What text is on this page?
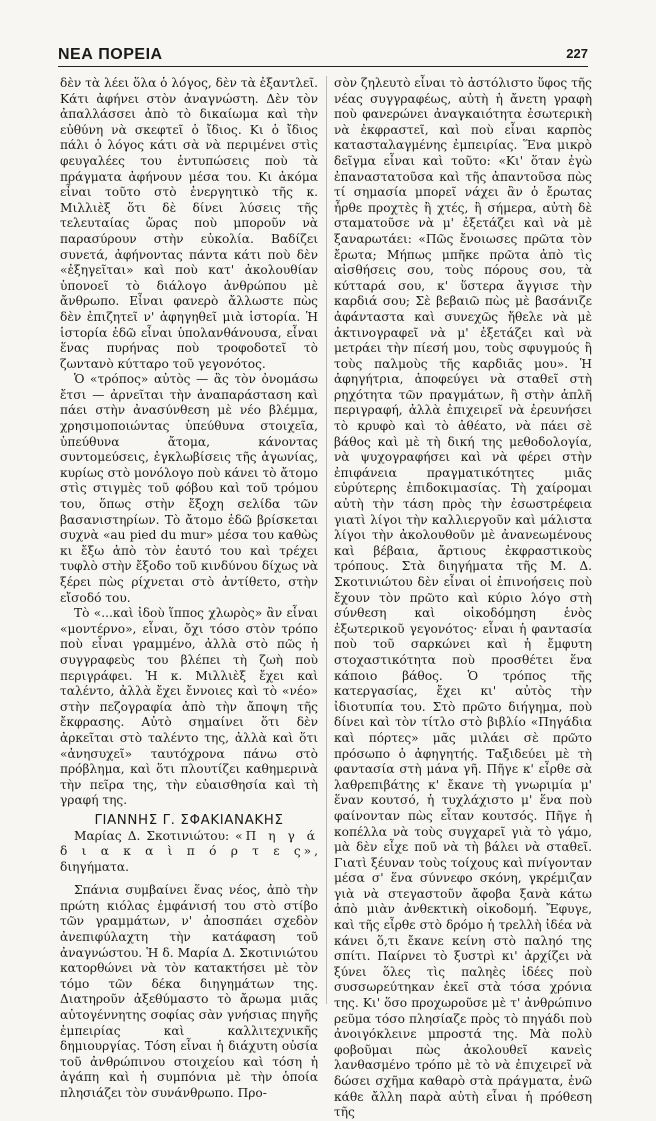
ΝΕΑ ΠΟΡΕΙΑ	227

δὲν τὰ λέει ὅλα ὁ λόγος, δὲν τὰ ἐξαντλεῖ. Κάτι ἀφήνει στὸν ἀναγνώστη. Δὲν τὸν ἀπαλλάσσει ἀπὸ τὸ δικαίωμα καὶ τὴν εὐθύνη νὰ σκεφτεῖ ὁ ἴδιος. Κι ὁ ἴδιος πάλι ὁ λόγος κάτι σὰ νὰ περιμένει στὶς φευγαλέες του ἐντυπώσεις ποὺ τὰ πράγματα ἀφήνουν μέσα του. Κι ἀκόμα εἶναι τοῦτο στὸ ἐνεργητικὸ τῆς κ. Μιλλιὲξ ὅτι δὲ δίνει λύσεις τῆς τελευταίας ὥρας ποὺ μποροῦν νὰ παρασύρουν στὴν εὐκολία. Βαδίζει συνετά, ἀφήνοντας πάντα κάτι ποὺ δὲν «ἐξηγεῖται» καὶ ποὺ κατ' ἀκολουθίαν ὑπονοεῖ τὸ διάλογο ἀνθρώπου μὲ ἄνθρωπο. Εἶναι φανερὸ ἄλλωστε πὼς δὲν ἐπιζητεῖ ν' ἀφηγηθεῖ μιὰ ἱστορία. Ἡ ἱστορία ἐδῶ εἶναι ὑπολανθάνουσα, εἶναι ἕνας πυρήνας ποὺ τροφοδοτεῖ τὸ ζωντανὸ κύτταρο τοῦ γεγονότος.

Ὁ «τρόπος» αὐτὸς — ἂς τὸν ὀνομάσω ἔτσι — ἀρνεῖται τὴν ἀναπαράσταση καὶ πάει στὴν ἀνασύνθεση μὲ νέο βλέμμα, χρησιμοποιώντας ὑπεύθυνα στοιχεῖα, ὑπεύθυνα ἄτομα, κάνοντας συντομεύσεις, ἐγκλωβίσεις τῆς ἀγωνίας, κυρίως στὸ μονόλογο ποὺ κάνει τὸ ἄτομο στὶς στιγμὲς τοῦ φόβου καὶ τοῦ τρόμου του, ὅπως στὴν ἔξοχη σελίδα τῶν βασανιστηρίων. Τὸ ἄτομο ἐδῶ βρίσκεται συχνὰ «au pied du mur» μέσα του καθὼς κι ἔξω ἀπὸ τὸν ἑαυτό του καὶ τρέχει τυφλὸ στὴν ἔξοδο τοῦ κινδύνου δίχως νὰ ξέρει πὼς ρίχνεται στὸ ἀντίθετο, στὴν εἴσοδό του.

Τὸ «...καὶ ἰδοὺ ἵππος χλωρὸς» ἂν εἶναι «μοντέρνο», εἶναι, ὄχι τόσο στὸν τρόπο ποὺ εἶναι γραμμένο, ἀλλὰ στὸ πῶς ἡ συγγραφεὺς του βλέπει τὴ ζωὴ ποὺ περιγράφει. Ἡ κ. Μιλλιὲξ ἔχει καὶ ταλέντο, ἀλλὰ ἔχει ἔννοιες καὶ τὸ «νέο» στὴν πεζογραφία ἀπὸ τὴν ἄποψη τῆς ἔκφρασης. Αὐτὸ σημαίνει ὅτι δὲν ἀρκεῖται στὸ ταλέντο της, ἀλλὰ καὶ ὅτι «ἀνησυχεῖ» ταυτόχρονα πάνω στὸ πρόβλημα, καὶ ὅτι πλουτίζει καθημερινὰ τὴν πεῖρα της, τὴν εὐαισθησία καὶ τὴ γραφή της.

ΓΙΑΝΝΗΣ Γ. ΣΦΑΚΙΑΝΑΚΗΣ

Μαρίας Δ. Σκοτινιώτου: «Π η γ ά δ ι α κ α ὶ π ό ρ τ ε ς», διηγήματα.

Σπάνια συμβαίνει ἕνας νέος, ἀπὸ τὴν πρώτη κιόλας ἐμφάνισή του στὸ στίβο τῶν γραμμάτων, ν' ἀποσπάει σχεδὸν ἀνεπιφύλαχτη τὴν κατάφαση τοῦ ἀναγνώστου. Ἡ δ. Μαρία Δ. Σκοτινιώτου κατορθώνει νὰ τὸν κατακτήσει μὲ τὸν τόμο τῶν δέκα διηγημάτων της. Διατηροῦν ἀξεθύμαστο τὸ ἄρωμα μιᾶς αὐτογέννητης σοφίας σὰν γνήσιας πηγῆς ἐμπειρίας καὶ καλλιτεχνικῆς δημιουργίας. Τόση εἶναι ἡ διάχυτη οὐσία τοῦ ἀνθρώπινου στοιχείου καὶ τόση ἡ ἀγάπη καὶ ἡ συμπόνια μὲ τὴν ὁποία πλησιάζει τὸν συνάνθρωπο. Προ-

σὸν ζηλευτὸ εἶναι τὸ ἀστόλιστο ὕφος τῆς νέας συγγραφέως, αὐτὴ ἡ ἄνετη γραφὴ ποὺ φανερώνει ἀναγκαιότητα ἐσωτερικὴ νὰ ἐκφραστεῖ, καὶ ποὺ εἶναι καρπὸς κατασταλαγμένης ἐμπειρίας. Ἕνα μικρὸ δεῖγμα εἶναι καὶ τοῦτο: «Κι' ὅταν ἐγὼ ἐπαναστατοῦσα καὶ τῆς ἀπαντοῦσα πὼς τί σημασία μπορεῖ νάχει ἂν ὁ ἔρωτας ἦρθε προχτὲς ἢ χτές, ἢ σήμερα, αὐτὴ δὲ σταματοῦσε νὰ μ' ἐξετάζει καὶ νὰ μὲ ξαναρωτάει: «Πῶς ἔνοιωσες πρῶτα τὸν ἔρωτα; Μήπως μπῆκε πρῶτα ἀπὸ τὶς αἰσθήσεις σου, τοὺς πόρους σου, τὰ κύτταρά σου, κ' ὕστερα ἄγγισε τὴν καρδιά σου; Σὲ βεβαιῶ πὼς μὲ βασάνιζε ἀφάνταστα καὶ συνεχῶς ἤθελε νὰ μὲ ἀκτινογραφεῖ νὰ μ' ἐξετάζει καὶ νὰ μετράει τὴν πίεσή μου, τοὺς σφυγμούς ἢ τοὺς παλμοὺς τῆς καρδιᾶς μου». Ἡ ἀφηγήτρια, ἀποφεύγει νὰ σταθεῖ στὴ ρηχότητα τῶν πραγμάτων, ἢ στὴν ἁπλῆ περιγραφή, ἀλλὰ ἐπιχειρεῖ νὰ ἐρευνήσει τὸ κρυφὸ καὶ τὸ ἀθέατο, νὰ πάει σὲ βάθος καὶ μὲ τὴ δική της μεθοδολογία, νὰ ψυχογραφήσει καὶ νὰ φέρει στὴν ἐπιφάνεια πραγματικότητες μιᾶς εὐρύτερης ἐπιδοκιμασίας. Τὴ χαίρομαι αὐτὴ τὴν τάση πρὸς τὴν ἐσωστρέφεια γιατὶ λίγοι τὴν καλλιεργοῦν καὶ μάλιστα λίγοι τὴν ἀκολουθοῦν μὲ ἀνανεωμένους καὶ βέβαια, ἄρτιους ἐκφραστικοὺς τρόπους. Στὰ διηγήματα τῆς Μ. Δ. Σκοτινιώτου δὲν εἶναι οἱ ἐπινοήσεις ποὺ ἔχουν τὸν πρῶτο καὶ κύριο λόγο στὴ σύνθεση καὶ οἰκοδόμηση ἑνὸς ἐξωτερικοῦ γεγονότος· εἶναι ἡ φαντασία ποὺ τοῦ σαρκώνει καὶ ἡ ἔμφυτη στοχαστικότητα ποὺ προσθέτει ἕνα κάποιο βάθος. Ὁ τρόπος τῆς κατεργασίας, ἔχει κι' αὐτὸς τὴν ἰδιοτυπία του. Στὸ πρῶτο διήγημα, ποὺ δίνει καὶ τὸν τίτλο στὸ βιβλίο «Πηγάδια καὶ πόρτες» μᾶς μιλάει σὲ πρῶτο πρόσωπο ὁ ἀφηγητής. Ταξιδεύει μὲ τὴ φαντασία στὴ μάνα γῆ. Πῆγε κ' εἶρθε σὰ λαθρεπιβάτης κ' ἔκανε τὴ γνωριμία μ' ἕναν κουτσό, ἡ τυχλάχιστο μ' ἕνα ποὺ φαίνονταν πὼς εἶταν κουτσός. Πῆγε ἡ κοπέλλα νὰ τοὺς συγχαρεῖ γιὰ τὸ γάμο, μὰ δὲν εἶχε ποῦ νὰ τὴ βάλει νὰ σταθεῖ. Γιατὶ ξέυναν τοὺς τοίχους καὶ πνίγονταν μέσα σ' ἕνα σύννεφο σκόνη, γκρέμιζαν γιὰ νὰ στεγαστοῦν ἄφοβα ξανὰ κάτω ἀπὸ μιὰν ἀνθεκτικὴ οἰκοδομή. Ἔφυγε, καὶ τῆς εἶρθε στὸ δρόμο ἡ τρελλὴ ἰδέα νὰ κάνει ὅ,τι ἔκανε κείνη στὸ παληό της σπίτι. Παίρνει τὸ ξυστρὶ κι' ἀρχίζει νὰ ξύνει ὅλες τὶς παληὲς ἰδέες ποὺ συσσωρεύτηκαν ἐκεῖ στὰ τόσα χρόνια της. Κι' ὅσο προχωροῦσε μὲ τ' ἀνθρώπινο ρεῦμα τόσο πλησίαζε πρὸς τὸ πηγάδι ποὺ ἀνοιγόκλεινε μπροστά της. Μὰ πολὺ φοβοῦμαι πὼς ἀκολουθεῖ κανεὶς λανθασμένο τρόπο μὲ τὸ νὰ ἐπιχειρεῖ νὰ δώσει σχῆμα καθαρὸ στὰ πράγματα, ἐνῶ κάθε ἄλλη παρὰ αὐτὴ εἶναι ἡ πρόθεση τῆς
